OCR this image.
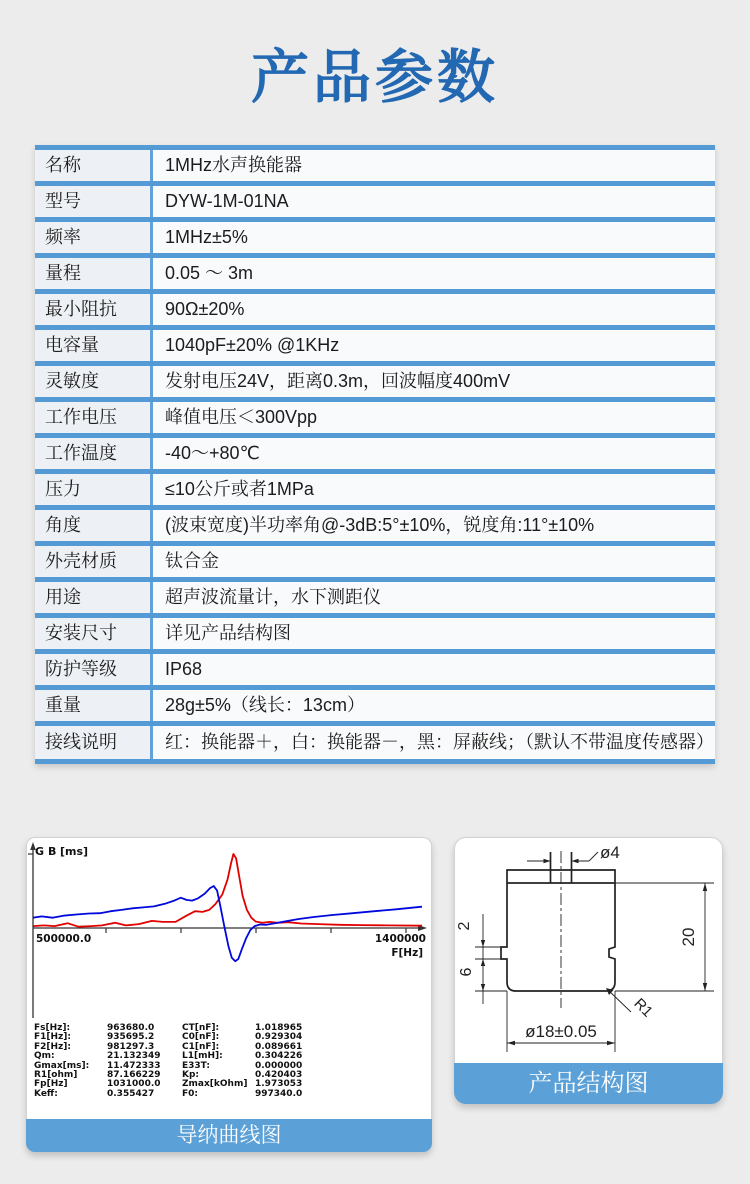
产品参数
名称	1MHz水声换能器
型号	DYW-1M-01NA
频率	1MHz±5%
量程	0.05 ～ 3m
最小阻抗	90Ω±20%
电容量	1040pF±20% @1KHz
灵敏度	发射电压24V，距离0.3m，回波幅度400mV
工作电压	峰值电压＜300Vpp
工作温度	-40～+80℃
压力	≤10公斤或者1MPa
角度	(波束宽度)半功率角@-3dB:5°±10%，锐度角:11°±10%
外壳材质	钛合金
用途	超声波流量计，水下测距仪
安装尺寸	详见产品结构图
防护等级	IP68
重量	28g±5%（线长：13cm）
接线说明	红：换能器＋，白：换能器－，黑：屏蔽线；（默认不带温度传感器）
G B [ms]
500000.0	1400000
F[Hz]
Fs[Hz]:	963680.0	CT[nF]:	1.018965
F1[Hz]:	935695.2	C0[nF]:	0.929304
F2[Hz]:	981297.3	C1[nF]:	0.089661
Qm:	21.132349 L1[mH]:	0.304226
Gmax[ms]: 11.472333 E33T:	0.000000
R1[ohm]	87.166229 Kp:	0.420403
Fp[Hz]	1031000.0 Zmax[kOhm] 1.973053
Keff:	0.355427	F0:	997340.0
导纳曲线图
ø4
2
6
20
ø18±0.05
R1
产品结构图
